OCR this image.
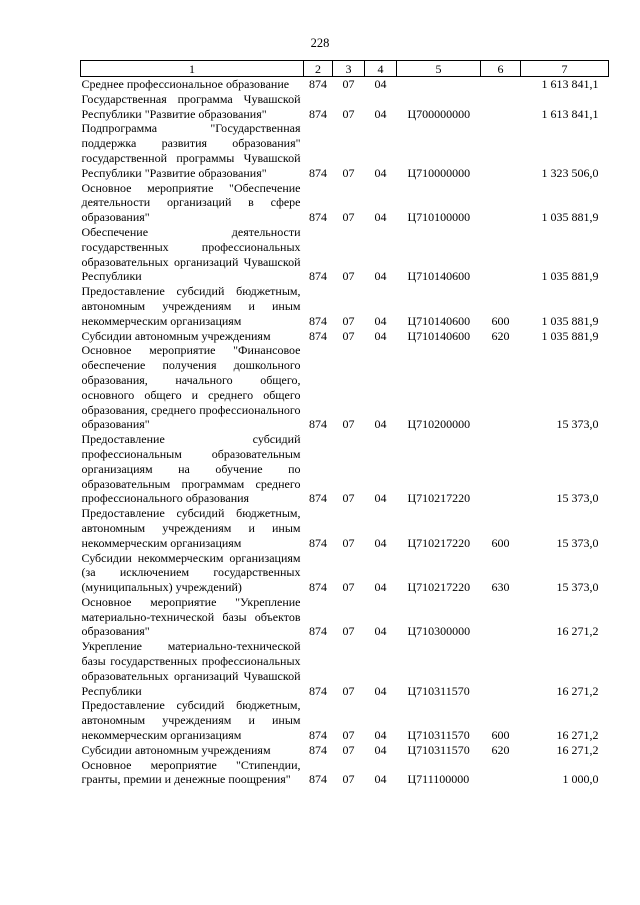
228
1	2	3	4	5	6	7
Среднее профессиональное образование	874	07	04			1 613 841,1
Государственная программа Чувашской Республики "Развитие образования"	874	07	04	Ц700000000		1 613 841,1
Подпрограмма "Государственная поддержка развития образования" государственной программы Чувашской Республики "Развитие образования"	874	07	04	Ц710000000		1 323 506,0
Основное мероприятие "Обеспечение деятельности организаций в сфере образования"	874	07	04	Ц710100000		1 035 881,9
Обеспечение деятельности государственных профессиональных образовательных организаций Чувашской Республики	874	07	04	Ц710140600		1 035 881,9
Предоставление субсидий бюджетным, автономным учреждениям и иным некоммерческим организациям	874	07	04	Ц710140600	600	1 035 881,9
Субсидии автономным учреждениям	874	07	04	Ц710140600	620	1 035 881,9
Основное мероприятие "Финансовое обеспечение получения дошкольного образования, начального общего, основного общего и среднего общего образования, среднего профессионального образования"	874	07	04	Ц710200000		15 373,0
Предоставление субсидий профессиональным образовательным организациям на обучение по образовательным программам среднего профессионального образования	874	07	04	Ц710217220		15 373,0
Предоставление субсидий бюджетным, автономным учреждениям и иным некоммерческим организациям	874	07	04	Ц710217220	600	15 373,0
Субсидии некоммерческим организациям (за исключением государственных (муниципальных) учреждений)	874	07	04	Ц710217220	630	15 373,0
Основное мероприятие "Укрепление материально-технической базы объектов образования"	874	07	04	Ц710300000		16 271,2
Укрепление материально-технической базы государственных профессиональных образовательных организаций Чувашской Республики	874	07	04	Ц710311570		16 271,2
Предоставление субсидий бюджетным, автономным учреждениям и иным некоммерческим организациям	874	07	04	Ц710311570	600	16 271,2
Субсидии автономным учреждениям	874	07	04	Ц710311570	620	16 271,2
Основное мероприятие "Стипендии, гранты, премии и денежные поощрения"	874	07	04	Ц711100000		1 000,0
